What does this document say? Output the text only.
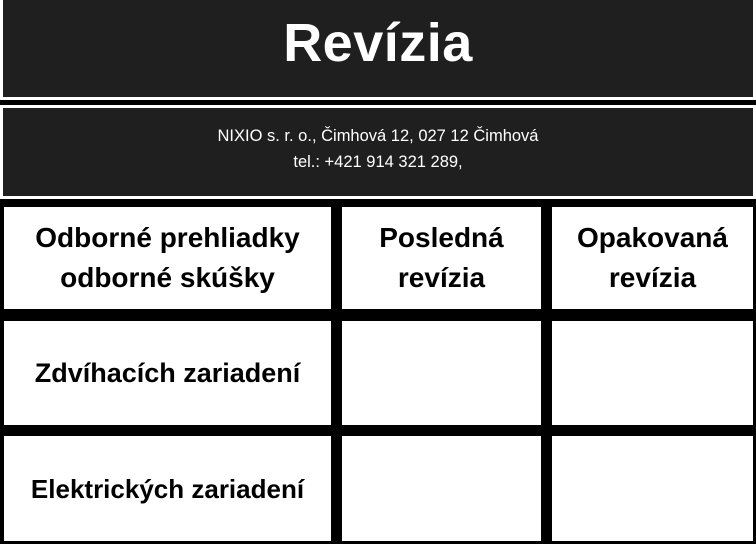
Revízia
NIXIO s. r. o., Čimhová 12, 027 12 Čimhová
tel.: +421 914 321 289,
Odborné prehliadky
odborné skúšky
Posledná
revízia
Opakovaná
revízia
Zdvíhacích zariadení
Elektrických zariadení
